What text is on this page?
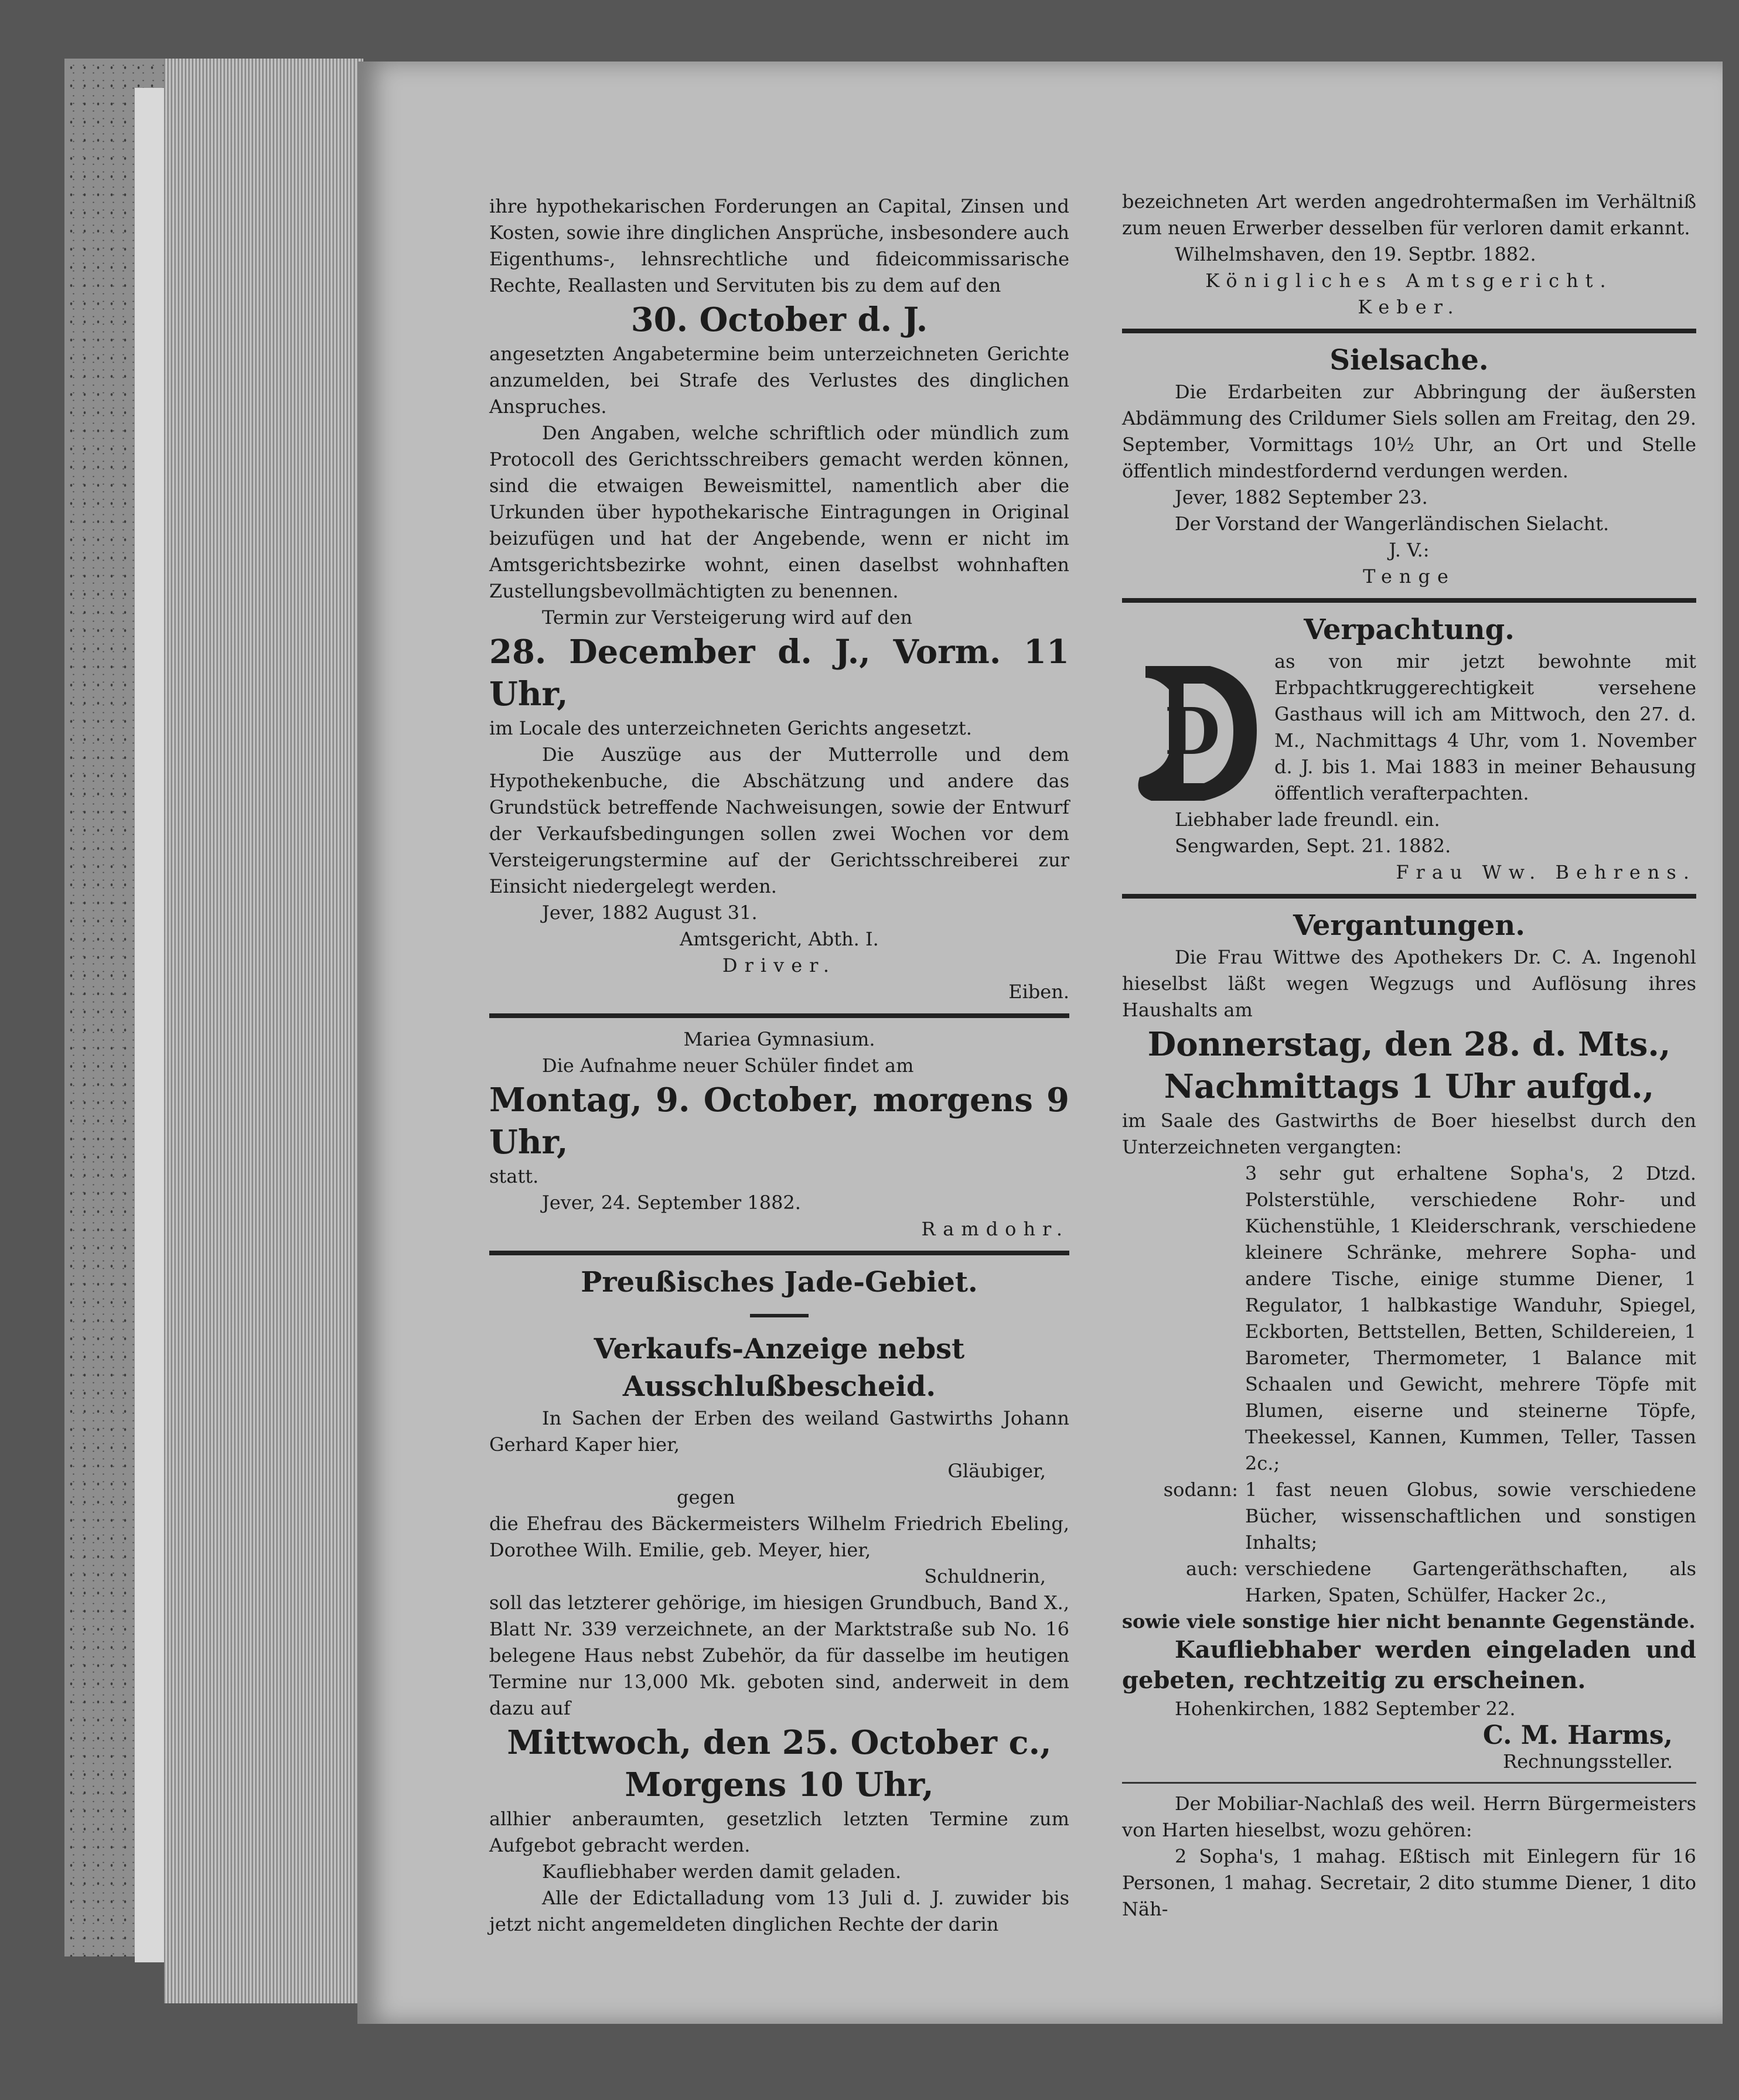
ihre hypothekarischen Forderungen an Capital, Zinsen und Kosten, sowie ihre dinglichen Ansprüche, insbesondere auch Eigenthums-, lehnsrechtliche und fideicommissarische Rechte, Reallasten und Servituten bis zu dem auf den

30. October d. J.

angesetzten Angabetermine beim unterzeichneten Gerichte anzumelden, bei Strafe des Verlustes des dinglichen Anspruches.

Den Angaben, welche schriftlich oder mündlich zum Protocoll des Gerichtsschreibers gemacht werden können, sind die etwaigen Beweismittel, namentlich aber die Urkunden über hypothekarische Eintragungen in Original beizufügen und hat der Angebende, wenn er nicht im Amtsgerichtsbezirke wohnt, einen daselbst wohnhaften Zustellungsbevollmächtigten zu benennen.

Termin zur Versteigerung wird auf den

28. December d. J., Vorm. 11 Uhr,

im Locale des unterzeichneten Gerichts angesetzt.

Die Auszüge aus der Mutterrolle und dem Hypothekenbuche, die Abschätzung und andere das Grundstück betreffende Nachweisungen, sowie der Entwurf der Verkaufsbedingungen sollen zwei Wochen vor dem Versteigerungstermine auf der Gerichtsschreiberei zur Einsicht niedergelegt werden.

Jever, 1882 August 31.

Amtsgericht, Abth. I.

Driver.

Eiben.

Mariea Gymnasium.

Die Aufnahme neuer Schüler findet am

Montag, 9. October, morgens 9 Uhr,

statt.

Jever, 24. September 1882.

Ramdohr.

Preußisches Jade-Gebiet.

Verkaufs-Anzeige nebst Ausschlußbescheid.

In Sachen der Erben des weiland Gastwirths Johann Gerhard Kaper hier,

Gläubiger,

gegen

die Ehefrau des Bäckermeisters Wilhelm Friedrich Ebeling, Dorothee Wilh. Emilie, geb. Meyer, hier,

Schuldnerin,

soll das letzterer gehörige, im hiesigen Grundbuch, Band X., Blatt Nr. 339 verzeichnete, an der Marktstraße sub No. 16 belegene Haus nebst Zubehör, da für dasselbe im heutigen Termine nur 13,000 Mk. geboten sind, anderweit in dem dazu auf

Mittwoch, den 25. October c.,

Morgens 10 Uhr,

allhier anberaumten, gesetzlich letzten Termine zum Aufgebot gebracht werden.

Kaufliebhaber werden damit geladen.

Alle der Edictalladung vom 13 Juli d. J. zuwider bis jetzt nicht angemeldeten dinglichen Rechte der darin

bezeichneten Art werden angedrohtermaßen im Verhältniß zum neuen Erwerber desselben für verloren damit erkannt.

Wilhelmshaven, den 19. Septbr. 1882.

Königliches Amtsgericht.

Keber.

Sielsache.

Die Erdarbeiten zur Abbringung der äußersten Abdämmung des Crildumer Siels sollen am Freitag, den 29. September, Vormittags 10½ Uhr, an Ort und Stelle öffentlich mindestfordernd verdungen werden.

Jever, 1882 September 23.

Der Vorstand der Wangerländischen Sielacht.

J. V.:

Tenge

Verpachtung.

D

as von mir jetzt bewohnte mit Erbpachtkruggerechtigkeit versehene Gasthaus will ich am Mittwoch, den 27. d. M., Nachmittags 4 Uhr, vom 1. November d. J. bis 1. Mai 1883 in meiner Behausung öffentlich verafterpachten.

Liebhaber lade freundl. ein.

Sengwarden, Sept. 21. 1882.

Frau Ww. Behrens.

Vergantungen.

Die Frau Wittwe des Apothekers Dr. C. A. Ingenohl hieselbst läßt wegen Wegzugs und Auflösung ihres Haushalts am

Donnerstag, den 28. d. Mts.,

Nachmittags 1 Uhr aufgd.,

im Saale des Gastwirths de Boer hieselbst durch den Unterzeichneten vergangten:

3 sehr gut erhaltene Sopha's, 2 Dtzd. Polsterstühle, verschiedene Rohr- und Küchenstühle, 1 Kleiderschrank, verschiedene kleinere Schränke, mehrere Sopha- und andere Tische, einige stumme Diener, 1 Regulator, 1 halbkastige Wanduhr, Spiegel, Eckborten, Bettstellen, Betten, Schildereien, 1 Barometer, Thermometer, 1 Balance mit Schaalen und Gewicht, mehrere Töpfe mit Blumen, eiserne und steinerne Töpfe, Theekessel, Kannen, Kummen, Teller, Tassen 2c.;

sodann: 1 fast neuen Globus, sowie verschiedene Bücher, wissenschaftlichen und sonstigen Inhalts;

auch: verschiedene Gartengeräthschaften, als Harken, Spaten, Schülfer, Hacker 2c.,

sowie viele sonstige hier nicht benannte Gegenstände.

Kaufliebhaber werden eingeladen und gebeten, rechtzeitig zu erscheinen.

Hohenkirchen, 1882 September 22.

C. M. Harms,

Rechnungssteller.

Der Mobiliar-Nachlaß des weil. Herrn Bürgermeisters von Harten hieselbst, wozu gehören:

2 Sopha's, 1 mahag. Eßtisch mit Einlegern für 16 Personen, 1 mahag. Secretair, 2 dito stumme Diener, 1 dito Näh-
